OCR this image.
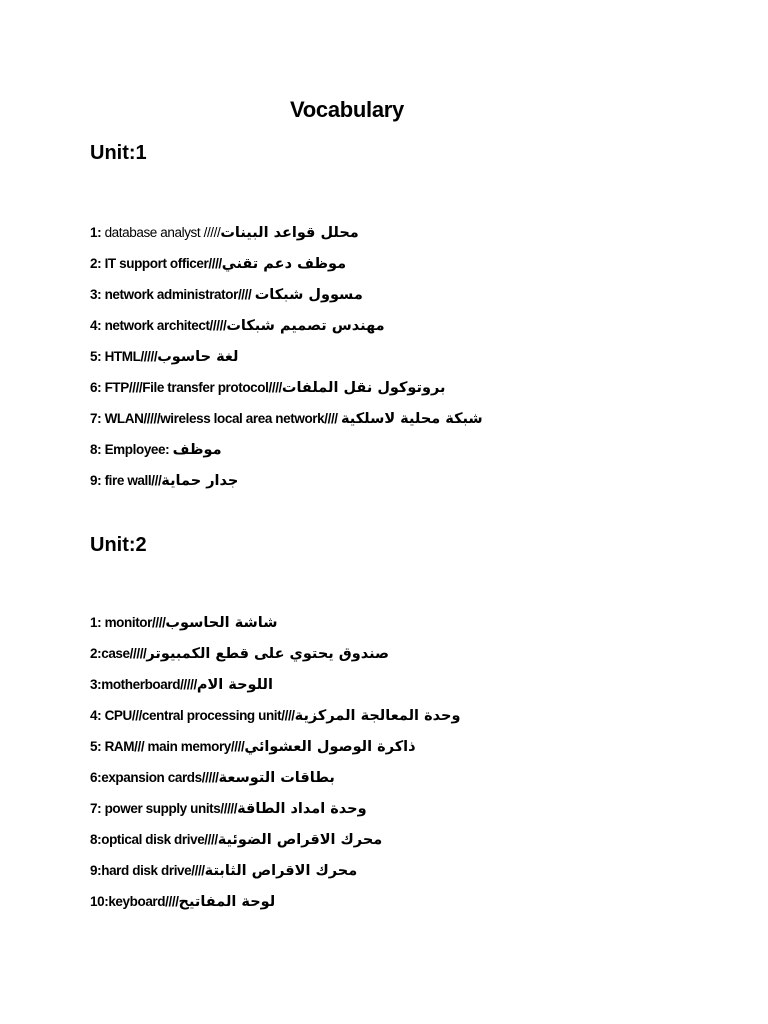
Vocabulary
Unit:1
1: database analyst /////محلل قواعد البينات
2: IT support officer////موظف دعم تقني
3: network administrator//// مسوول شبكات
4: network architect/////مهندس تصميم شبكات
5: HTML/////لغة حاسوب
6: FTP////File transfer protocol////بروتوكول نقل الملفات
7: WLAN/////wireless local area network//// شبكة محلية لاسلكية
8: Employee: موظف
9: fire wall///جدار حماية
Unit:2
1: monitor////شاشة الحاسوب
2:case/////صندوق يحتوي على قطع الكمبيوتر
3:motherboard/////اللوحة الام
4: CPU///central processing unit////وحدة المعالجة المركزية
5: RAM/// main memory////ذاكرة الوصول العشوائي
6:expansion cards/////بطاقات التوسعة
7: power supply units/////وحدة امداد الطاقة
8:optical disk drive////محرك الاقراص الضوئية
9:hard disk drive////محرك الاقراص الثابتة
10:keyboard////لوحة المفاتيح
